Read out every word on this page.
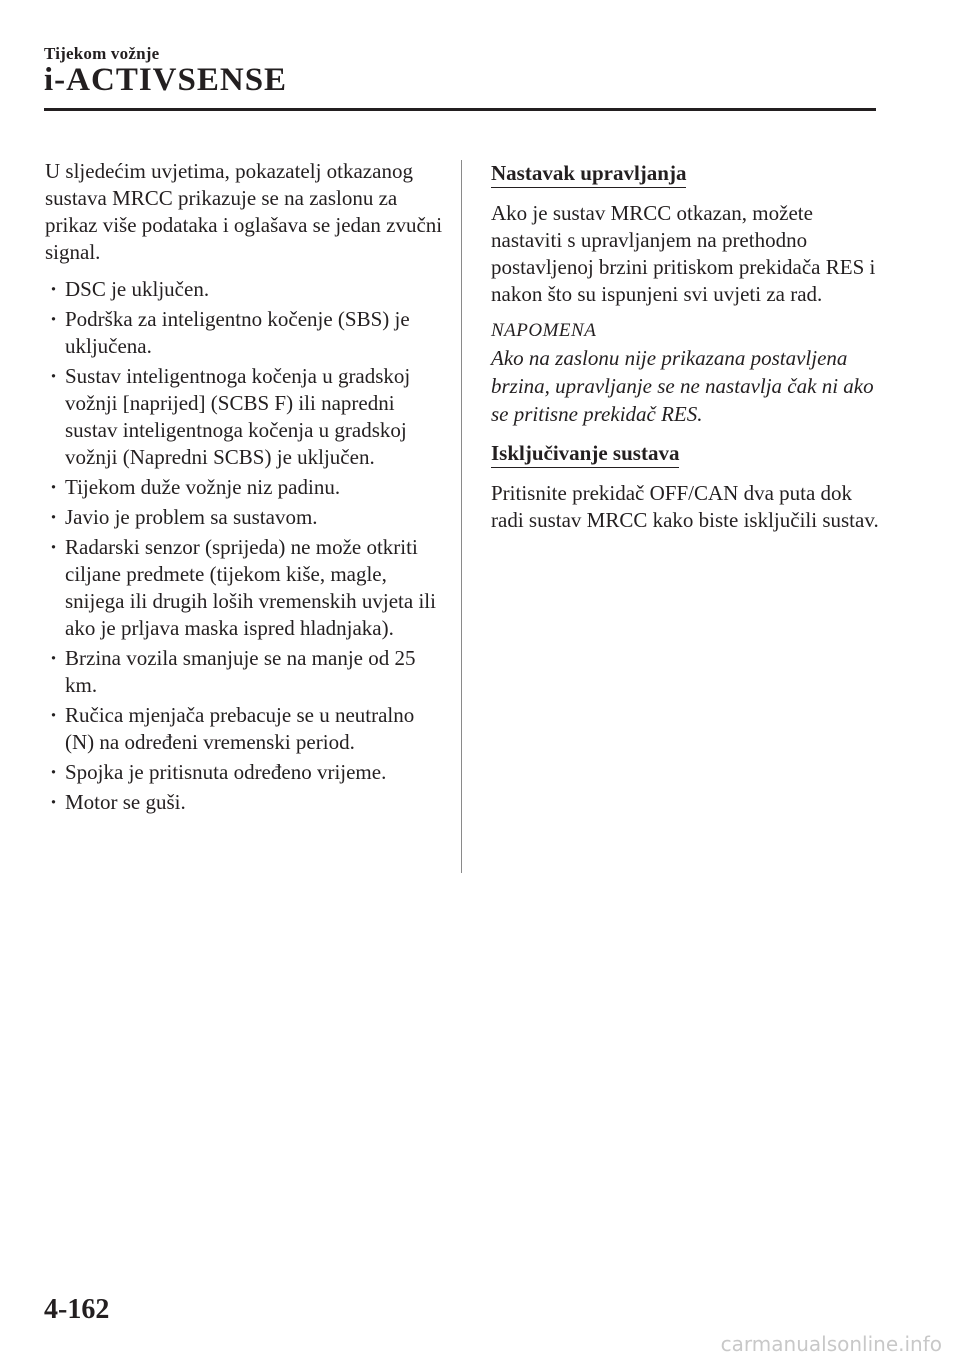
Tijekom vožnje
i-ACTIVSENSE

U sljedećim uvjetima, pokazatelj otkazanog sustava MRCC prikazuje se na zaslonu za prikaz više podataka i oglašava se jedan zvučni signal.

· DSC je uključen.
· Podrška za inteligentno kočenje (SBS) je uključena.
· Sustav inteligentnoga kočenja u gradskoj vožnji [naprijed] (SCBS F) ili napredni sustav inteligentnoga kočenja u gradskoj vožnji (Napredni SCBS) je uključen.
· Tijekom duže vožnje niz padinu.
· Javio je problem sa sustavom.
· Radarski senzor (sprijeda) ne može otkriti ciljane predmete (tijekom kiše, magle, snijega ili drugih loših vremenskih uvjeta ili ako je prljava maska ispred hladnjaka).
· Brzina vozila smanjuje se na manje od 25 km.
· Ručica mjenjača prebacuje se u neutralno (N) na određeni vremenski period.
· Spojka je pritisnuta određeno vrijeme.
· Motor se guši.
Nastavak upravljanja

Ako je sustav MRCC otkazan, možete nastaviti s upravljanjem na prethodno postavljenoj brzini pritiskom prekidača RES i nakon što su ispunjeni svi uvjeti za rad.

NAPOMENA

Ako na zaslonu nije prikazana postavljena brzina, upravljanje se ne nastavlja čak ni ako se pritisne prekidač RES.

Isključivanje sustava

Pritisnite prekidač OFF/CAN dva puta dok radi sustav MRCC kako biste isključili sustav.

4-162
carmanualsonline.info
